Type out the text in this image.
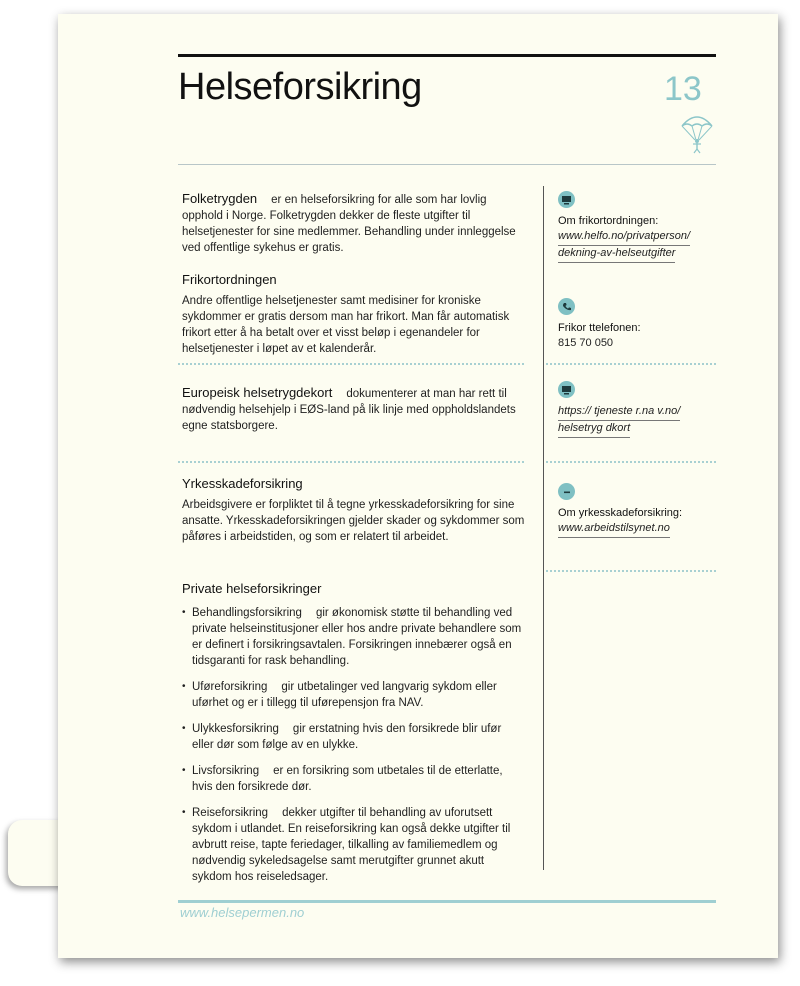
Helseforsikring	13

Folketrygden er en helseforsikring for alle som har lovlig opphold i Norge. Folketrygden dekker de fleste utgifter til helsetjenester for sine medlemmer. Behandling under innleggelse ved offentlige sykehus er gratis.

Frikortordningen

Andre offentlige helsetjenester samt medisiner for kroniske sykdommer er gratis dersom man har frikort. Man får automatisk frikort etter å ha betalt over et visst beløp i egenandeler for helsetjenester i løpet av et kalenderår.

Europeisk helsetrygdekort dokumenterer at man har rett til nødvendig helsehjelp i EØS-land på lik linje med oppholdslandets egne statsborgere.

Yrkesskadeforsikring

Arbeidsgivere er forpliktet til å tegne yrkesskadeforsikring for sine ansatte. Yrkesskadeforsikringen gjelder skader og sykdommer som påføres i arbeidstiden, og som er relatert til arbeidet.

Private helseforsikringer
• Behandlingsforsikring gir økonomisk støtte til behandling ved private helseinstitusjoner eller hos andre private behandlere som er definert i forsikringsavtalen. Forsikringen innebærer også en tidsgaranti for rask behandling.
• Uføreforsikring gir utbetalinger ved langvarig sykdom eller uførhet og er i tillegg til uførepensjon fra NAV.
• Ulykkesforsikring gir erstatning hvis den forsikrede blir ufør eller dør som følge av en ulykke.
• Livsforsikring er en forsikring som utbetales til de etterlatte, hvis den forsikrede dør.
• Reiseforsikring dekker utgifter til behandling av uforutsett sykdom i utlandet. En reiseforsikring kan også dekke utgifter til avbrutt reise, tapte feriedager, tilkalling av familiemedlem og nødvendig sykeledsagelse samt merutgifter grunnet akutt sykdom hos reiseledsager.
Om frikortordningen:
www.helfo.no/privatperson/
dekning-av-helseutgifter
Frikor ttelefonen:
815 70 050
https:// tjeneste r.na v.no/
helsetryg dkort
Om yrkesskadeforsikring:
www.arbeidstilsynet.no
www.helsepermen.no
